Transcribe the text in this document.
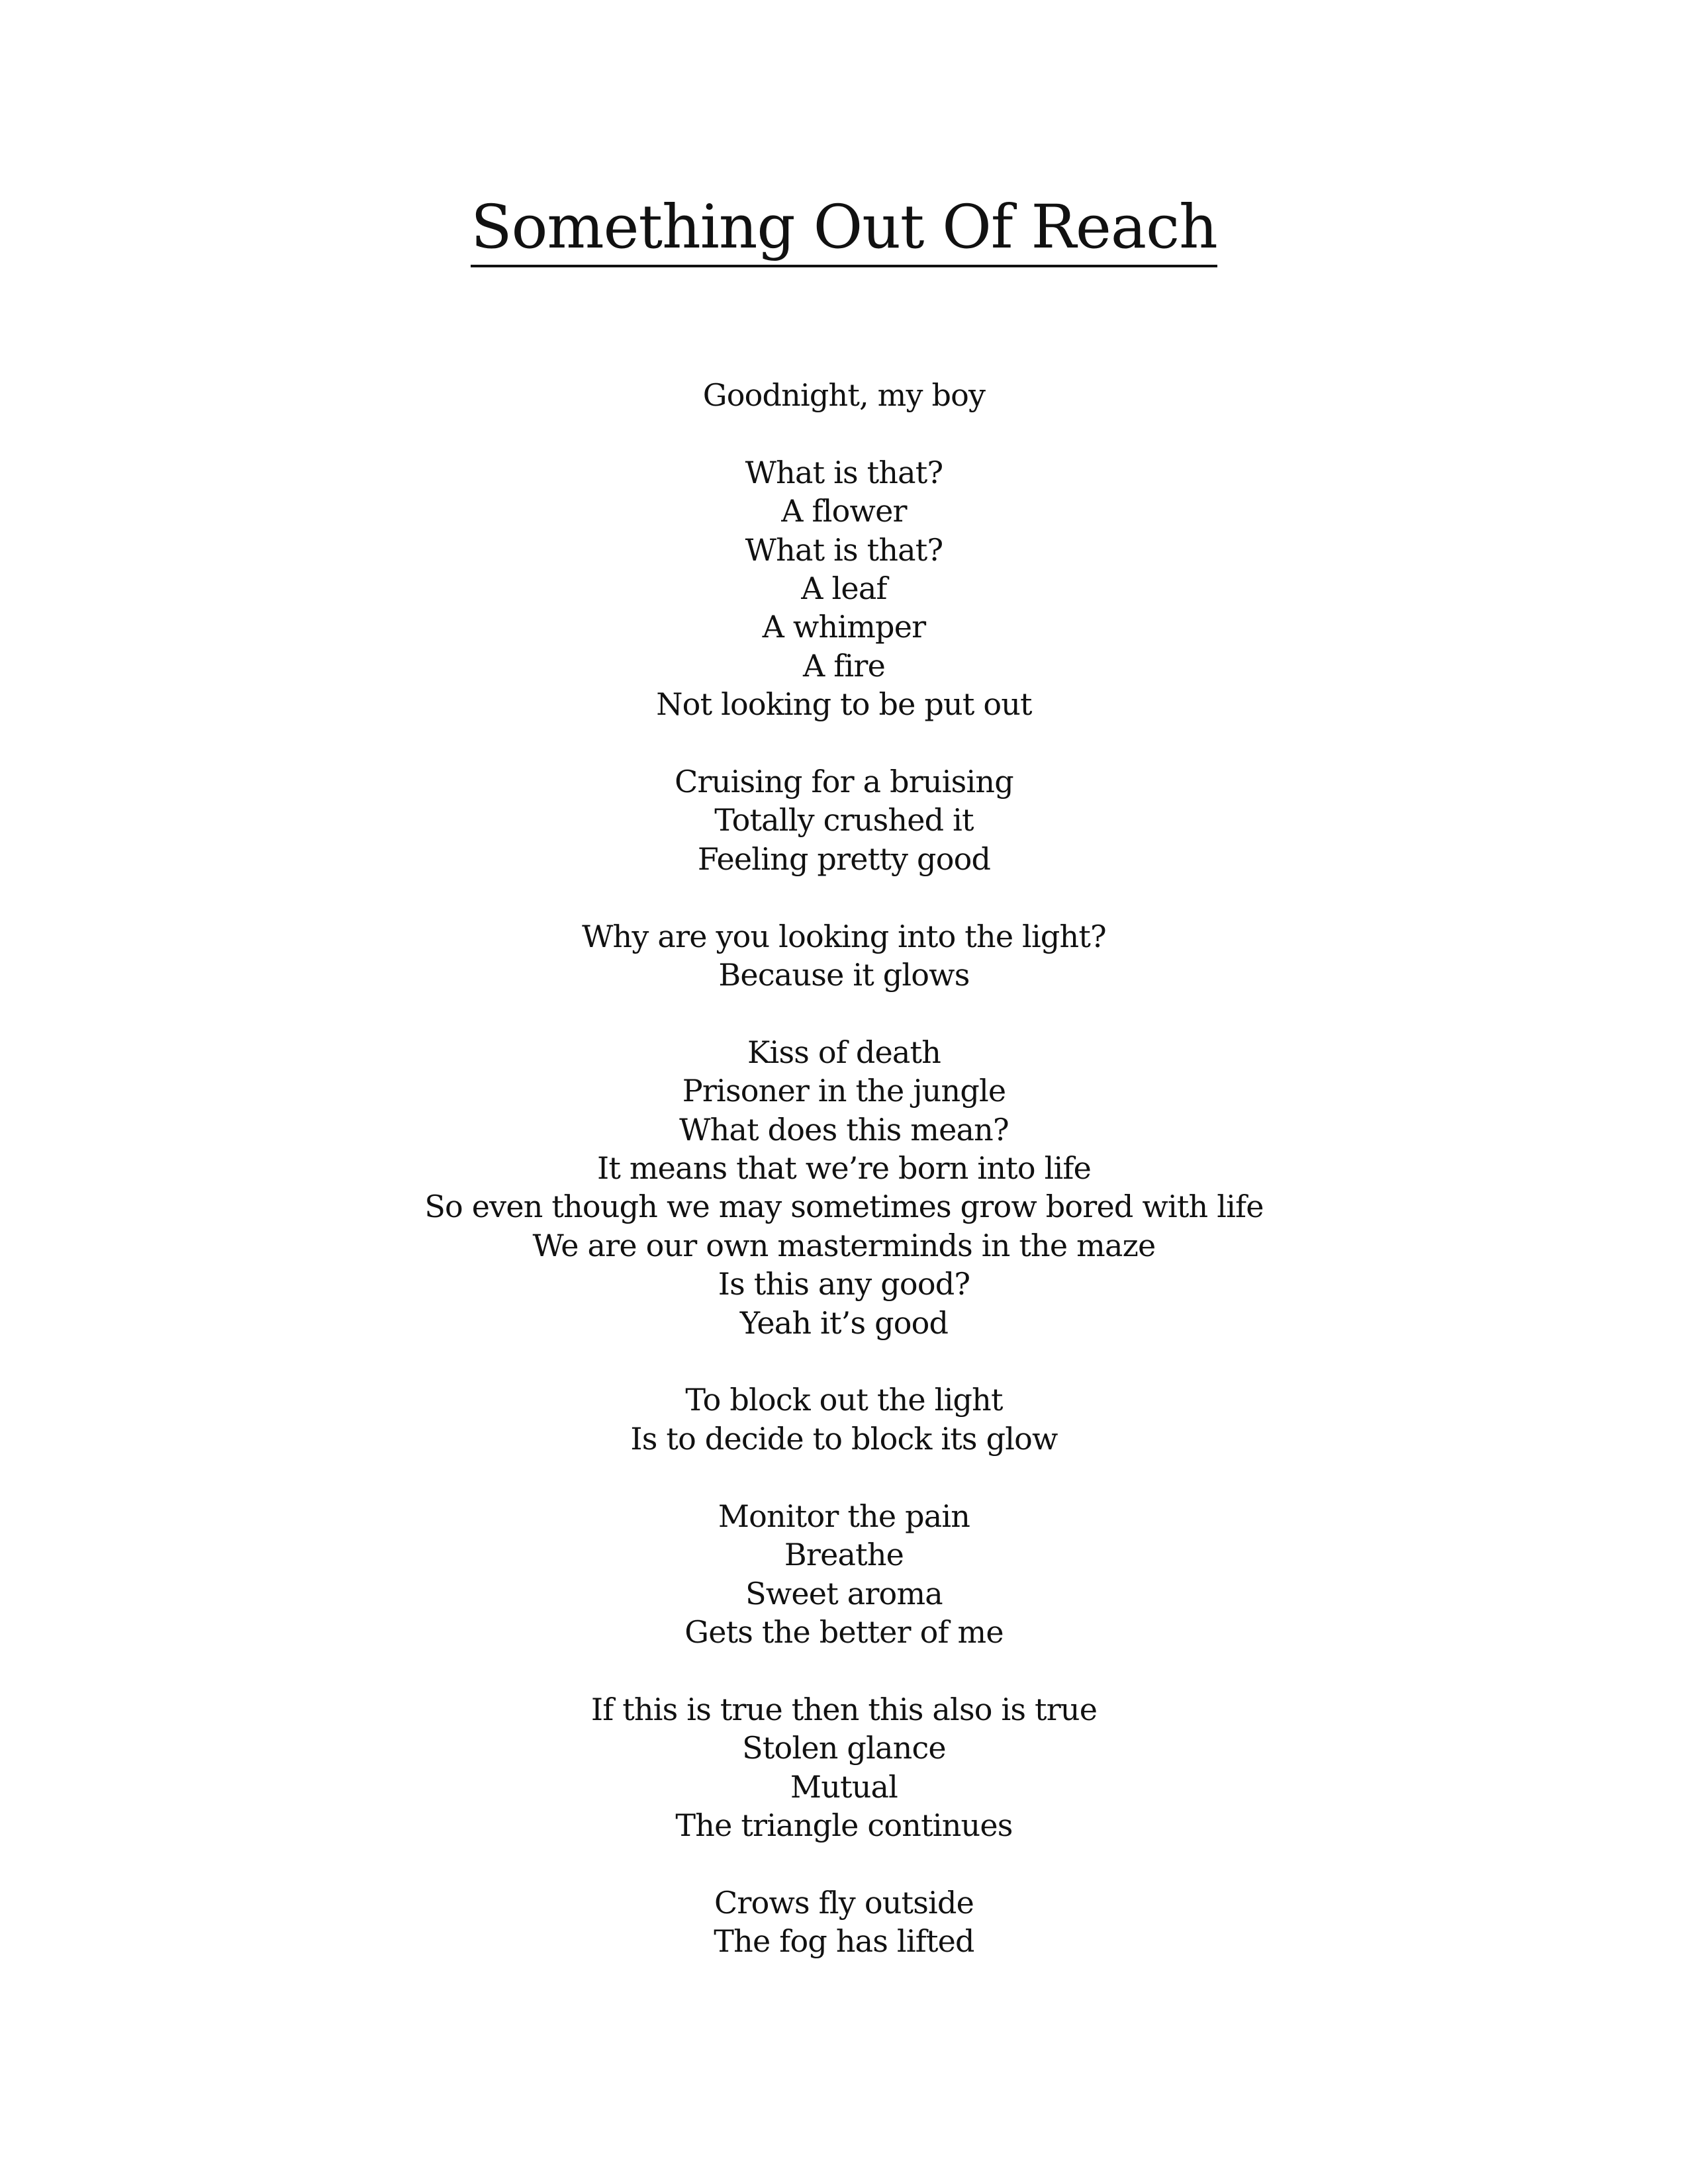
Something Out Of Reach
Goodnight, my boy
What is that?
A flower
What is that?
A leaf
A whimper
A fire
Not looking to be put out
Cruising for a bruising
Totally crushed it
Feeling pretty good
Why are you looking into the light?
Because it glows
Kiss of death
Prisoner in the jungle
What does this mean?
It means that we’re born into life
So even though we may sometimes grow bored with life
We are our own masterminds in the maze
Is this any good?
Yeah it’s good
To block out the light
Is to decide to block its glow
Monitor the pain
Breathe
Sweet aroma
Gets the better of me
If this is true then this also is true
Stolen glance
Mutual
The triangle continues
Crows fly outside
The fog has lifted
